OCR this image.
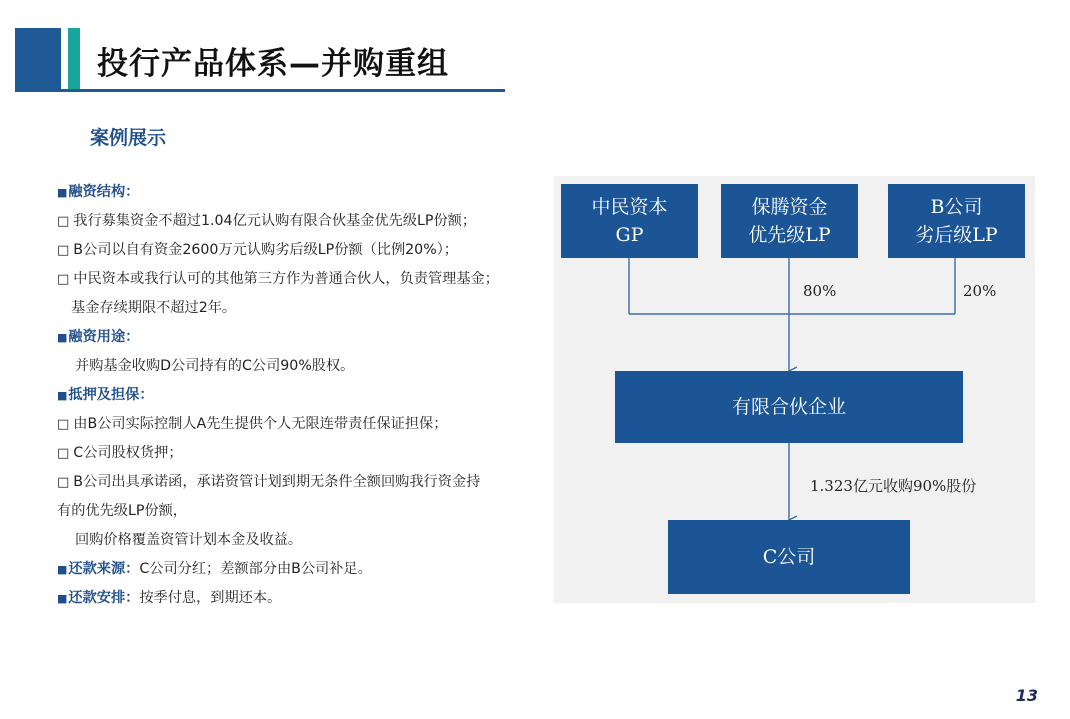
投行产品体系—并购重组
案例展示
■融资结构：
□ 我行募集资金不超过1.04亿元认购有限合伙基金优先级LP份额；
□ B公司以自有资金2600万元认购劣后级LP份额（比例20%）；
□ 中民资本或我行认可的其他第三方作为普通合伙人，负责管理基金；
基金存续期限不超过2年。
■融资用途：
并购基金收购D公司持有的C公司90%股权。
■抵押及担保：
□ 由B公司实际控制人A先生提供个人无限连带责任保证担保；
□ C公司股权货押；
□ B公司出具承诺函，承诺资管计划到期无条件全额回购我行资金持
有的优先级LP份额，
回购价格覆盖资管计划本金及收益。
■还款来源：C公司分红；差额部分由B公司补足。
■还款安排：按季付息，到期还本。
中民资本
GP
保腾资金
优先级LP
B公司
劣后级LP
有限合伙企业
C公司
80%	20%
1.323亿元收购90%股份
13
